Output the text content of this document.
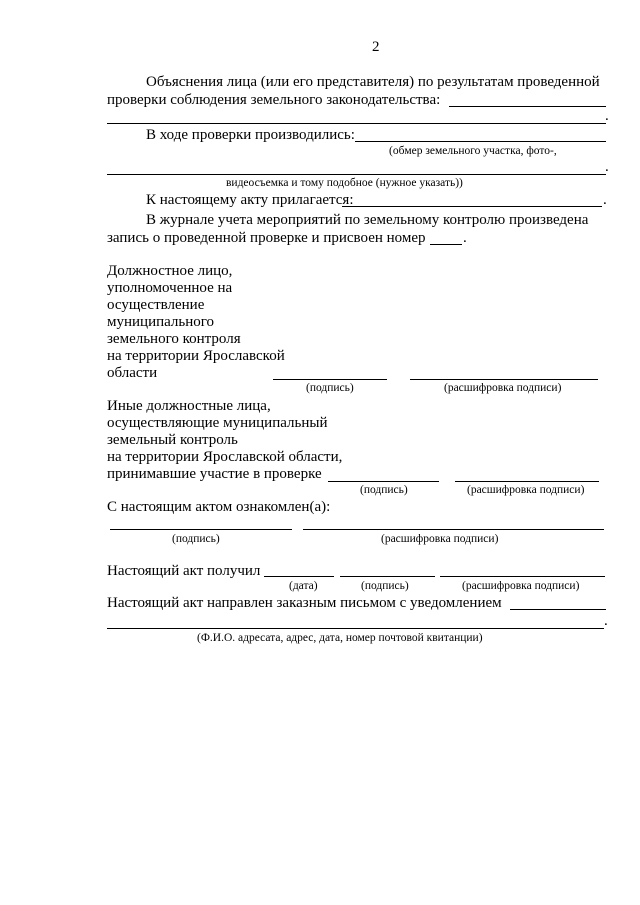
2
Объяснения лица (или его представителя) по результатам проведенной
проверки соблюдения земельного законодательства:
.
В ходе проверки производились:
(обмер земельного участка, фото-,
.
видеосъемка и тому подобное (нужное указать))
К настоящему акту прилагается:	.
В журнале учета мероприятий по земельному контролю произведена
запись о проведенной проверке и присвоен номер .
Должностное лицо,
уполномоченное на
осуществление
муниципального
земельного контроля
на территории Ярославской
области
(подпись)	(расшифровка подписи)
Иные должностные лица,
осуществляющие муниципальный
земельный контроль
на территории Ярославской области,
принимавшие участие в проверке
(подпись)	(расшифровка подписи)
С настоящим актом ознакомлен(а):
(подпись)	(расшифровка подписи)
Настоящий акт получил
(дата)	(подпись)	(расшифровка подписи)
Настоящий акт направлен заказным письмом с уведомлением
.
(Ф.И.О. адресата, адрес, дата, номер почтовой квитанции)
